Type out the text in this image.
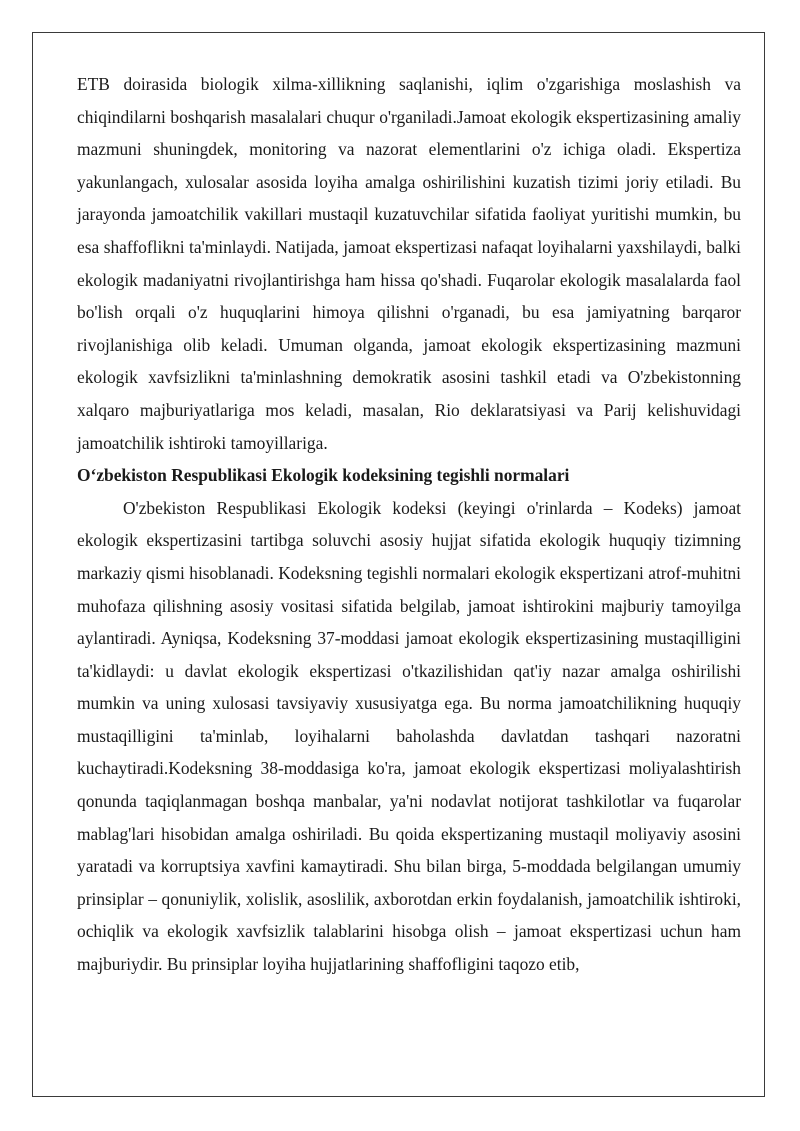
ETB doirasida biologik xilma-xillikning saqlanishi, iqlim o'zgarishiga moslashish va chiqindilarni boshqarish masalalari chuqur o'rganiladi.Jamoat ekologik ekspertizasining amaliy mazmuni shuningdek, monitoring va nazorat elementlarini o'z ichiga oladi. Ekspertiza yakunlangach, xulosalar asosida loyiha amalga oshirilishini kuzatish tizimi joriy etiladi. Bu jarayonda jamoatchilik vakillari mustaqil kuzatuvchilar sifatida faoliyat yuritishi mumkin, bu esa shaffoflikni ta'minlaydi. Natijada, jamoat ekspertizasi nafaqat loyihalarni yaxshilaydi, balki ekologik madaniyatni rivojlantirishga ham hissa qo'shadi. Fuqarolar ekologik masalalarda faol bo'lish orqali o'z huquqlarini himoya qilishni o'rganadi, bu esa jamiyatning barqaror rivojlanishiga olib keladi. Umuman olganda, jamoat ekologik ekspertizasining mazmuni ekologik xavfsizlikni ta'minlashning demokratik asosini tashkil etadi va O'zbekistonning xalqaro majburiyatlariga mos keladi, masalan, Rio deklaratsiyasi va Parij kelishuvidagi jamoatchilik ishtiroki tamoyillariga.

O‘zbekiston Respublikasi Ekologik kodeksining tegishli normalari

O'zbekiston Respublikasi Ekologik kodeksi (keyingi o'rinlarda – Kodeks) jamoat ekologik ekspertizasini tartibga soluvchi asosiy hujjat sifatida ekologik huquqiy tizimning markaziy qismi hisoblanadi. Kodeksning tegishli normalari ekologik ekspertizani atrof-muhitni muhofaza qilishning asosiy vositasi sifatida belgilab, jamoat ishtirokini majburiy tamoyilga aylantiradi. Ayniqsa, Kodeksning 37-moddasi jamoat ekologik ekspertizasining mustaqilligini ta'kidlaydi: u davlat ekologik ekspertizasi o'tkazilishidan qat'iy nazar amalga oshirilishi mumkin va uning xulosasi tavsiyaviy xususiyatga ega. Bu norma jamoatchilikning huquqiy mustaqilligini ta'minlab, loyihalarni baholashda davlatdan tashqari nazoratni kuchaytiradi.Kodeksning 38-moddasiga ko'ra, jamoat ekologik ekspertizasi moliyalashtirish qonunda taqiqlanmagan boshqa manbalar, ya'ni nodavlat notijorat tashkilotlar va fuqarolar mablag'lari hisobidan amalga oshiriladi. Bu qoida ekspertizaning mustaqil moliyaviy asosini yaratadi va korruptsiya xavfini kamaytiradi. Shu bilan birga, 5-moddada belgilangan umumiy prinsiplar – qonuniylik, xolislik, asoslilik, axborotdan erkin foydalanish, jamoatchilik ishtiroki, ochiqlik va ekologik xavfsizlik talablarini hisobga olish – jamoat ekspertizasi uchun ham majburiydir. Bu prinsiplar loyiha hujjatlarining shaffofligini taqozo etib,
